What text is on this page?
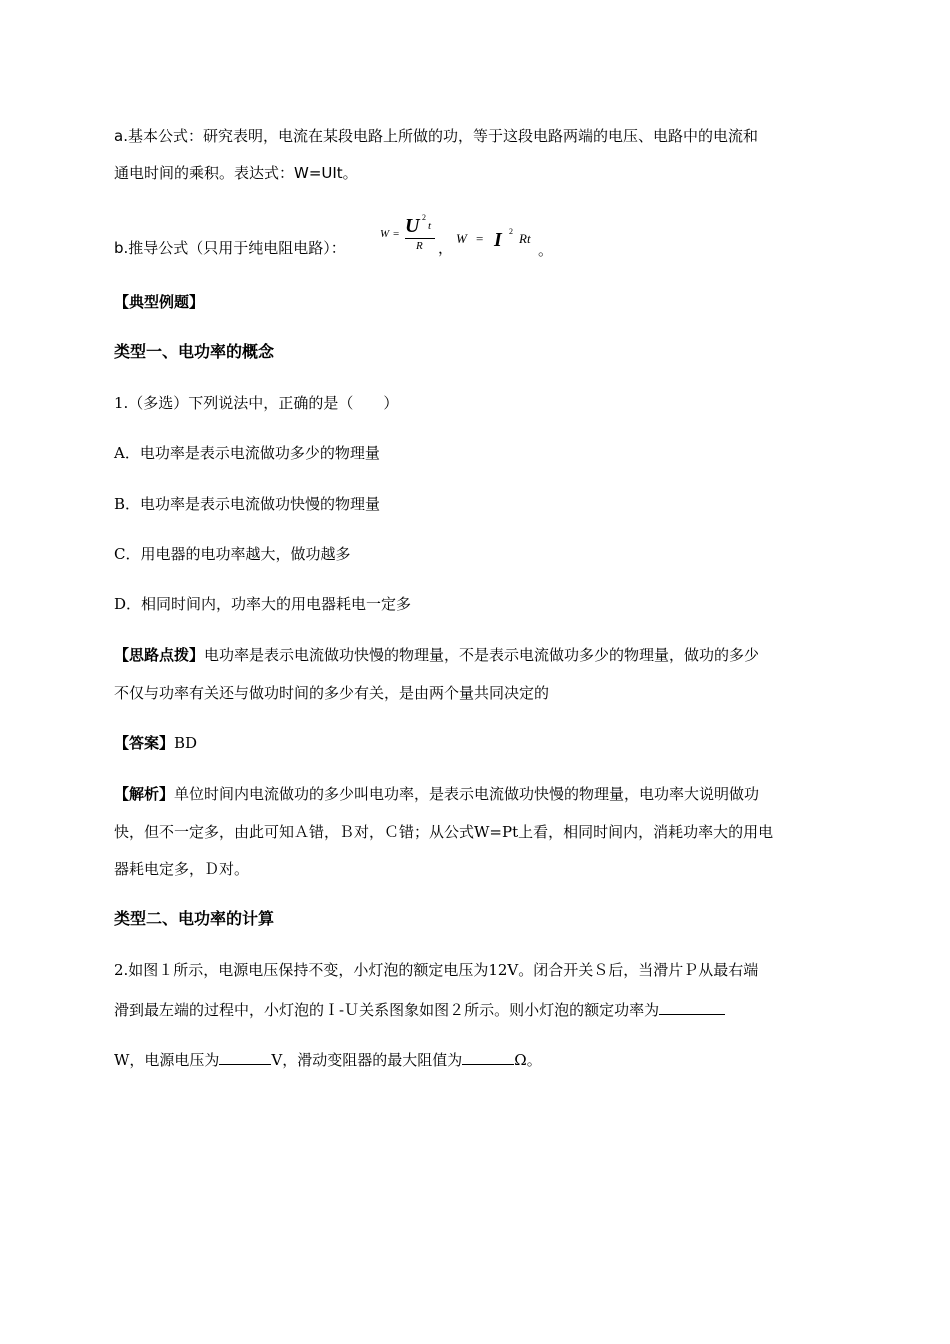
a.基本公式：研究表明，电流在某段电路上所做的功，等于这段电路两端的电压、电路中的电流和
通电时间的乘积。表达式：W=UIt。
b.推导公式（只用于纯电阻电路）：
W = U 2
t
R ，
W = I 2 Rt
。
【典型例题】
类型一、电功率的概念
1.（多选）下列说法中，正确的是（　　）
A．电功率是表示电流做功多少的物理量
B．电功率是表示电流做功快慢的物理量
C．用电器的电功率越大，做功越多
D．相同时间内，功率大的用电器耗电一定多
【思路点拨】电功率是表示电流做功快慢的物理量，不是表示电流做功多少的物理量，做功的多少
不仅与功率有关还与做功时间的多少有关，是由两个量共同决定的
【答案】BD
【解析】单位时间内电流做功的多少叫电功率，是表示电流做功快慢的物理量，电功率大说明做功
快，但不一定多，由此可知Ａ错，Ｂ对，Ｃ错；从公式W=Pt上看，相同时间内，消耗功率大的用电
器耗电定多，Ｄ对。
类型二、电功率的计算
2.如图１所示，电源电压保持不变，小灯泡的额定电压为12V。闭合开关Ｓ后，当滑片Ｐ从最右端
滑到最左端的过程中，小灯泡的Ｉ-Ｕ关系图象如图２所示。则小灯泡的额定功率为
W，电源电压为	V，滑动变阻器的最大阻值为	Ω。
